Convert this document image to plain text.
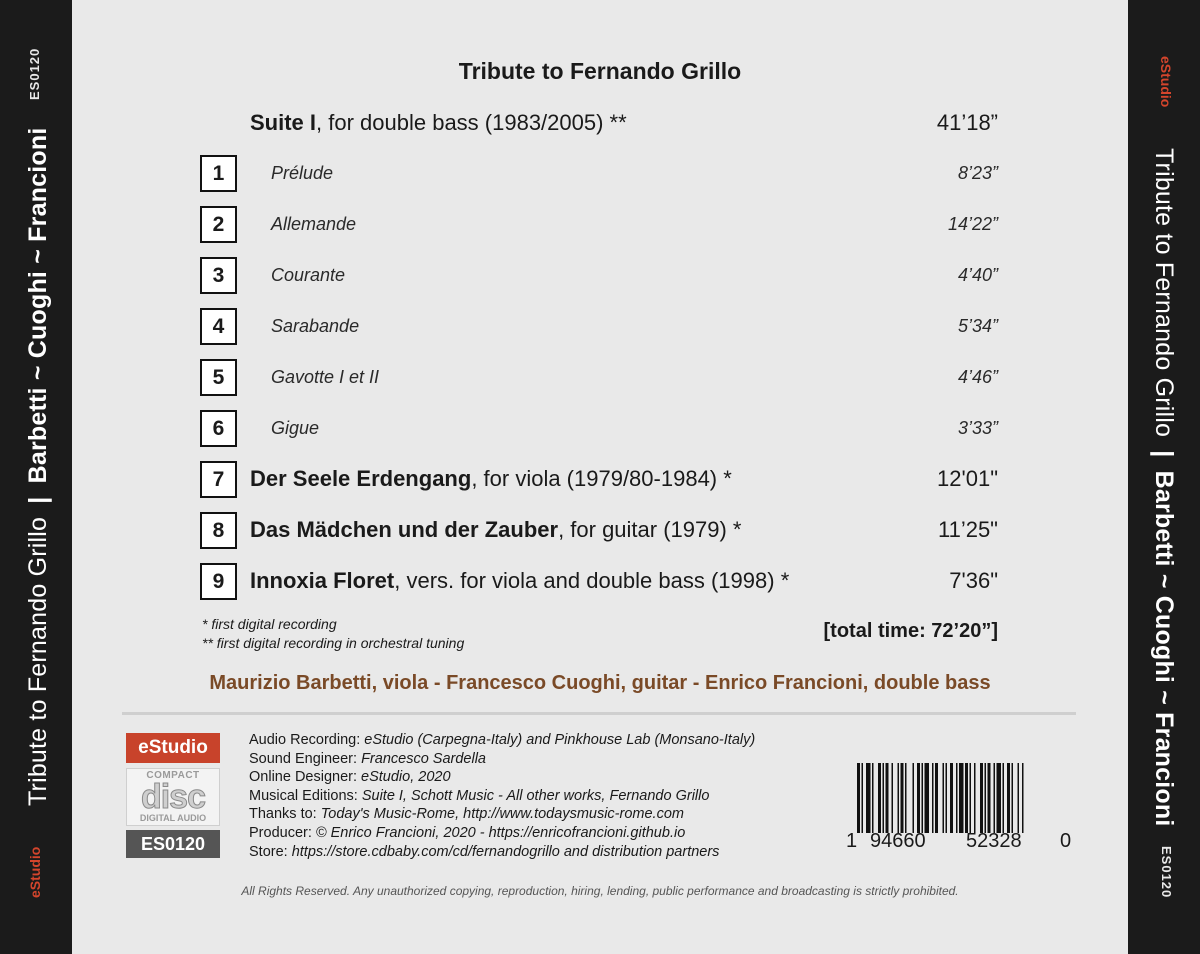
ES0120
eStudio
Tribute to Fernando Grillo | Barbetti ~ Cuoghi ~ Francioni
eStudio
Tribute to Fernando Grillo | Barbetti ~ Cuoghi ~ Francioni
ES0120
Tribute to Fernando Grillo
Suite I, for double bass (1983/2005) **	41’18”
1	Prélude	8’23”
2	Allemande	14’22”
3	Courante	4’40”
4	Sarabande	5’34”
5	Gavotte I et II	4’46”
6	Gigue	3’33”
7	Der Seele Erdengang, for viola (1979/80-1984) *	12'01"
8	Das Mädchen und der Zauber, for guitar (1979) *	11’25"
9	Innoxia Floret, vers. for viola and double bass (1998) *	7'36"
* first digital recording
** first digital recording in orchestral tuning
[total time: 72’20”]
Maurizio Barbetti, viola - Francesco Cuoghi, guitar - Enrico Francioni, double bass
eStudio
COMPACT
disc
DIGITAL AUDIO
ES0120
Audio Recording: eStudio (Carpegna-Italy) and Pinkhouse Lab (Monsano-Italy)
Sound Engineer: Francesco Sardella
Online Designer: eStudio, 2020
Musical Editions: Suite I, Schott Music - All other works, Fernando Grillo
Thanks to: Today's Music-Rome, http://www.todaysmusic-rome.com
Producer: © Enrico Francioni, 2020 - https://enricofrancioni.github.io
Store: https://store.cdbaby.com/cd/fernandogrillo and distribution partners	1 94660 52328 0
All Rights Reserved. Any unauthorized copying, reproduction, hiring, lending, public performance and broadcasting is strictly prohibited.
